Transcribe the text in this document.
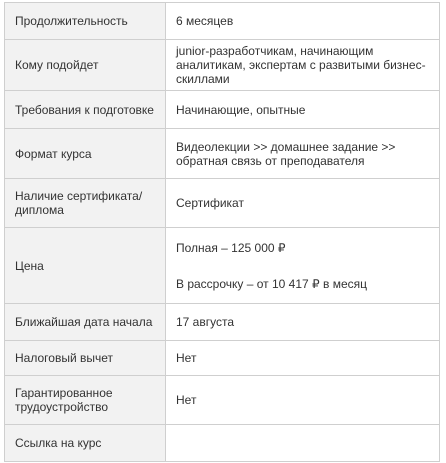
Продолжительность	6 месяцев
Кому подойдет	junior-разработчикам, начинающим аналитикам, экспертам с развитыми бизнес-скиллами
Требования к подготовке	Начинающие, опытные
Формат курса	Видеолекции >> домашнее задание >> обратная связь от преподавателя
Наличие сертификата/ диплома	Сертификат
Цена	Полная – 125 000 ₽
В рассрочку – от 10 417 ₽ в месяц

Ближайшая дата начала	17 августа
Налоговый вычет	Нет
Гарантированное трудоустройство	Нет
Ссылка на курс	
